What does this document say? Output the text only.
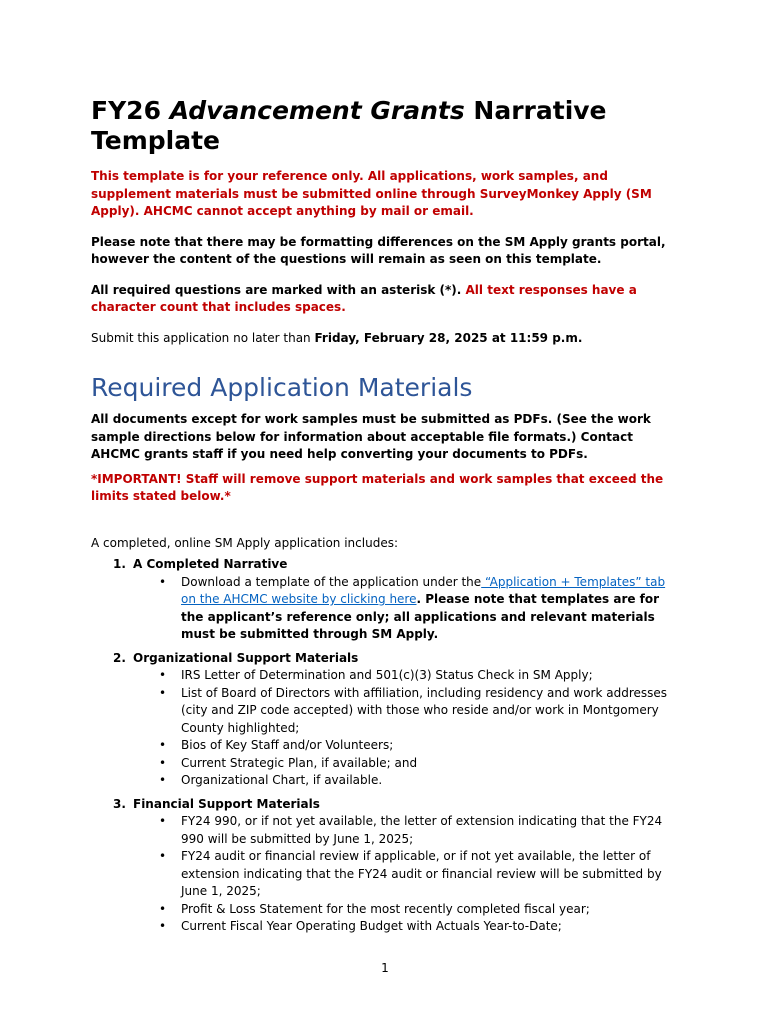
FY26 Advancement Grants Narrative Template

This template is for your reference only. All applications, work samples, and supplement materials must be submitted online through SurveyMonkey Apply (SM Apply). AHCMC cannot accept anything by mail or email.

Please note that there may be formatting differences on the SM Apply grants portal, however the content of the questions will remain as seen on this template.

All required questions are marked with an asterisk (*). All text responses have a character count that includes spaces.

Submit this application no later than Friday, February 28, 2025 at 11:59 p.m.

Required Application Materials

All documents except for work samples must be submitted as PDFs. (See the work sample directions below for information about acceptable file formats.) Contact AHCMC grants staff if you need help converting your documents to PDFs.

*IMPORTANT! Staff will remove support materials and work samples that exceed the limits stated below.*

A completed, online SM Apply application includes:

1. A Completed Narrative
• Download a template of the application under the “Application + Templates” tab on the AHCMC website by clicking here. Please note that templates are for the applicant’s reference only; all applications and relevant materials must be submitted through SM Apply.
2. Organizational Support Materials
• IRS Letter of Determination and 501(c)(3) Status Check in SM Apply;
• List of Board of Directors with affiliation, including residency and work addresses (city and ZIP code accepted) with those who reside and/or work in Montgomery County highlighted;
• Bios of Key Staff and/or Volunteers;
• Current Strategic Plan, if available; and
• Organizational Chart, if available.
3. Financial Support Materials
• FY24 990, or if not yet available, the letter of extension indicating that the FY24 990 will be submitted by June 1, 2025;
• FY24 audit or financial review if applicable, or if not yet available, the letter of extension indicating that the FY24 audit or financial review will be submitted by June 1, 2025;
• Profit & Loss Statement for the most recently completed fiscal year;
• Current Fiscal Year Operating Budget with Actuals Year-to-Date;
1
